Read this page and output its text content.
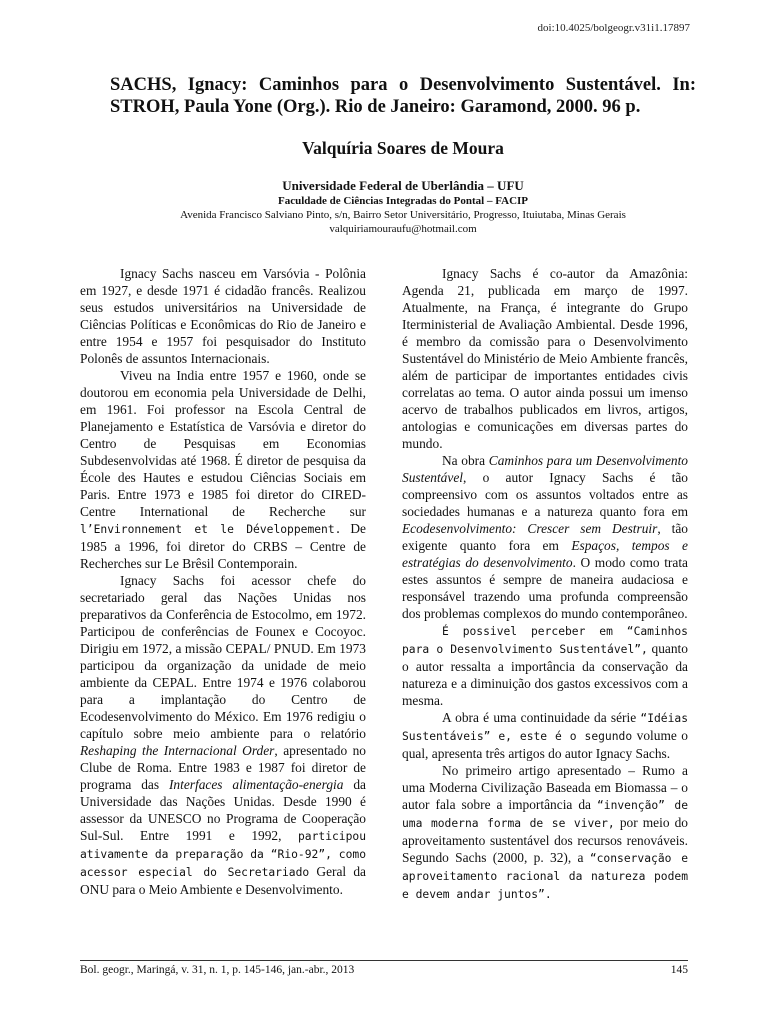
doi:10.4025/bolgeogr.v31i1.17897
SACHS, Ignacy: Caminhos para o Desenvolvimento Sustentável. In: STROH, Paula Yone (Org.). Rio de Janeiro: Garamond, 2000. 96 p.
Valquíria Soares de Moura
Universidade Federal de Uberlândia – UFU
Faculdade de Ciências Integradas do Pontal – FACIP
Avenida Francisco Salviano Pinto, s/n, Bairro Setor Universitário, Progresso, Ituiutaba, Minas Gerais
valquiriamouraufu@hotmail.com

Ignacy Sachs nasceu em Varsóvia - Polônia em 1927, e desde 1971 é cidadão francês. Realizou seus estudos universitários na Universidade de Ciências Políticas e Econômicas do Rio de Janeiro e entre 1954 e 1957 foi pesquisador do Instituto Polonês de assuntos Internacionais.

Viveu na India entre 1957 e 1960, onde se doutorou em economia pela Universidade de Delhi, em 1961. Foi professor na Escola Central de Planejamento e Estatística de Varsóvia e diretor do Centro de Pesquisas em Economias Subdesenvolvidas até 1968. É diretor de pesquisa da École des Hautes e estudou Ciências Sociais em Paris. Entre 1973 e 1985 foi diretor do CIRED-Centre International de Recherche sur l’Environnement et le Développement. De 1985 a 1996, foi diretor do CRBS – Centre de Recherches sur Le Brêsil Contemporain.

Ignacy Sachs foi acessor chefe do secretariado geral das Nações Unidas nos preparativos da Conferência de Estocolmo, em 1972. Participou de conferências de Founex e Cocoyoc. Dirigiu em 1972, a missão CEPAL/ PNUD. Em 1973 participou da organização da unidade de meio ambiente da CEPAL. Entre 1974 e 1976 colaborou para a implantação do Centro de Ecodesenvolvimento do México. Em 1976 redigiu o capítulo sobre meio ambiente para o relatório Reshaping the Internacional Order, apresentado no Clube de Roma. Entre 1983 e 1987 foi diretor de programa das Interfaces alimentação-energia da Universidade das Nações Unidas. Desde 1990 é assessor da UNESCO no Programa de Cooperação Sul-Sul. Entre 1991 e 1992, participou ativamente da preparação da “Rio-92”, como acessor especial do Secretariado Geral da ONU para o Meio Ambiente e Desenvolvimento.

Ignacy Sachs é co-autor da Amazônia: Agenda 21, publicada em março de 1997. Atualmente, na França, é integrante do Grupo Iterministerial de Avaliação Ambiental. Desde 1996, é membro da comissão para o Desenvolvimento Sustentável do Ministério de Meio Ambiente francês, além de participar de importantes entidades civis correlatas ao tema. O autor ainda possui um imenso acervo de trabalhos publicados em livros, artigos, antologias e comunicações em diversas partes do mundo.

Na obra Caminhos para um Desenvolvimento Sustentável, o autor Ignacy Sachs é tão compreensivo com os assuntos voltados entre as sociedades humanas e a natureza quanto fora em Ecodesenvolvimento: Crescer sem Destruir, tão exigente quanto fora em Espaços, tempos e estratégias do desenvolvimento. O modo como trata estes assuntos é sempre de maneira audaciosa e responsável trazendo uma profunda compreensão dos problemas complexos do mundo contemporâneo.

É possivel perceber em “Caminhos para o Desenvolvimento Sustentável”, quanto o autor ressalta a importância da conservação da natureza e a diminuição dos gastos excessivos com a mesma.

A obra é uma continuidade da série “Idéias Sustentáveis” e, este é o segundo volume o qual, apresenta três artigos do autor Ignacy Sachs.

No primeiro artigo apresentado – Rumo a uma Moderna Civilização Baseada em Biomassa – o autor fala sobre a importância da “invenção” de uma moderna forma de se viver, por meio do aproveitamento sustentável dos recursos renováveis. Segundo Sachs (2000, p. 32), a “conservação e aproveitamento racional da natureza podem e devem andar juntos”.

Bol. geogr., Maringá, v. 31, n. 1, p. 145-146, jan.-abr., 2013	145
